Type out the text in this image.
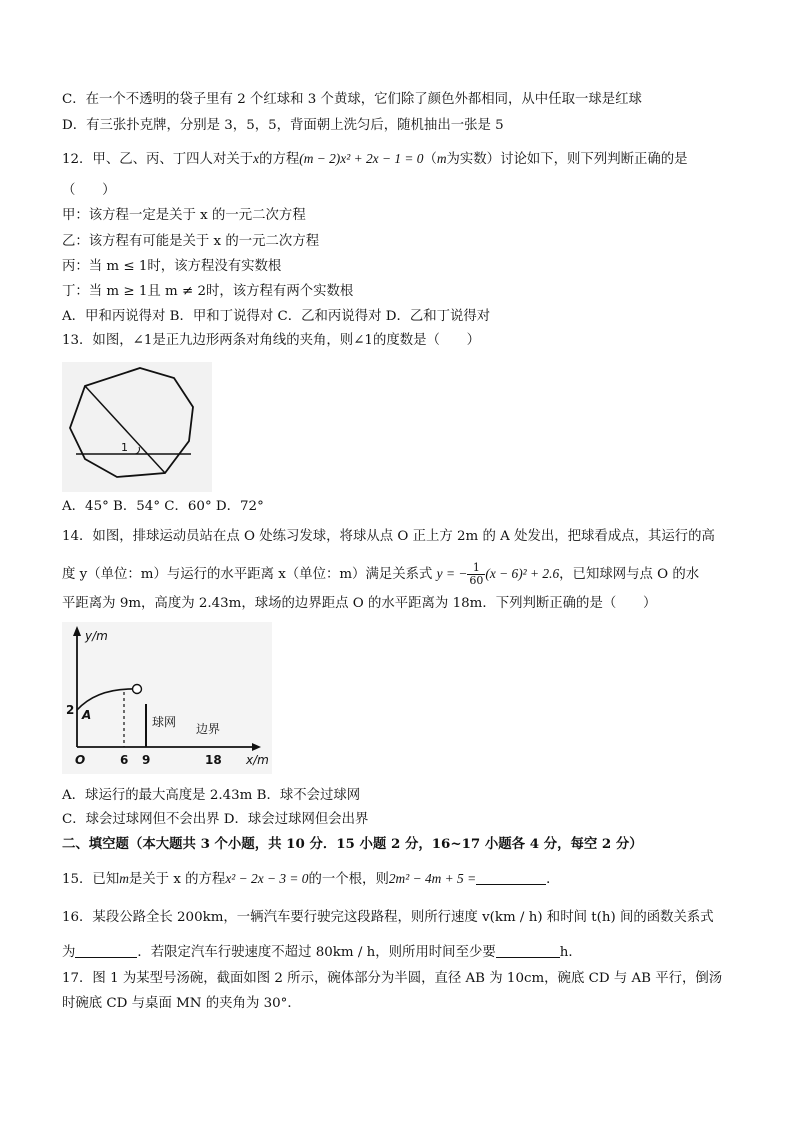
C．在一个不透明的袋子里有 2 个红球和 3 个黄球，它们除了颜色外都相同，从中任取一球是红球
D．有三张扑克牌，分别是 3，5，5，背面朝上洗匀后，随机抽出一张是 5
12．甲、乙、丙、丁四人对关于x的方程(m − 2)x² + 2x − 1 = 0（m为实数）讨论如下，则下列判断正确的是
（　　）
甲：该方程一定是关于 x 的一元二次方程
乙：该方程有可能是关于 x 的一元二次方程
丙：当 m ≤ 1时，该方程没有实数根
丁：当 m ≥ 1且 m ≠ 2时，该方程有两个实数根
A．甲和丙说得对 B．甲和丁说得对 C．乙和丙说得对 D．乙和丁说得对
13．如图，∠1是正九边形两条对角线的夹角，则∠1的度数是（　　）
1
A．45° B．54° C．60° D．72°
14．如图，排球运动员站在点 O 处练习发球，将球从点 O 正上方 2m 的 A 处发出，把球看成点，其运行的高
度 y（单位：m）与运行的水平距离 x（单位：m）满足关系式 y = − $\frac{1}{60} (x - 6)^2 + 2.6$，已知球网与点 O 的水
平距离为 9m，高度为 2.43m，球场的边界距点 O 的水平距离为 18m．下列判断正确的是（　　）
y/m
2 A	球网 边界
O	6 9	18 x/m
A．球运行的最大高度是 2.43m B．球不会过球网
C．球会过球网但不会出界 D．球会过球网但会出界
二、填空题（本大题共 3 个小题，共 10 分．15 小题 2 分，16~17 小题各 4 分，每空 2 分）
15．已知m是关于 x 的方程x² − 2x − 3 = 0的一个根，则2m² − 4m + 5 =	．
16．某段公路全长 200km，一辆汽车要行驶完这段路程，则所行速度 v(km / h) 和时间 t(h) 间的函数关系式
为	．若限定汽车行驶速度不超过 80km / h，则所用时间至少要	h．
17．图 1 为某型号汤碗，截面如图 2 所示，碗体部分为半圆，直径 AB 为 10cm，碗底 CD 与 AB 平行，倒汤
时碗底 CD 与桌面 MN 的夹角为 30°．
